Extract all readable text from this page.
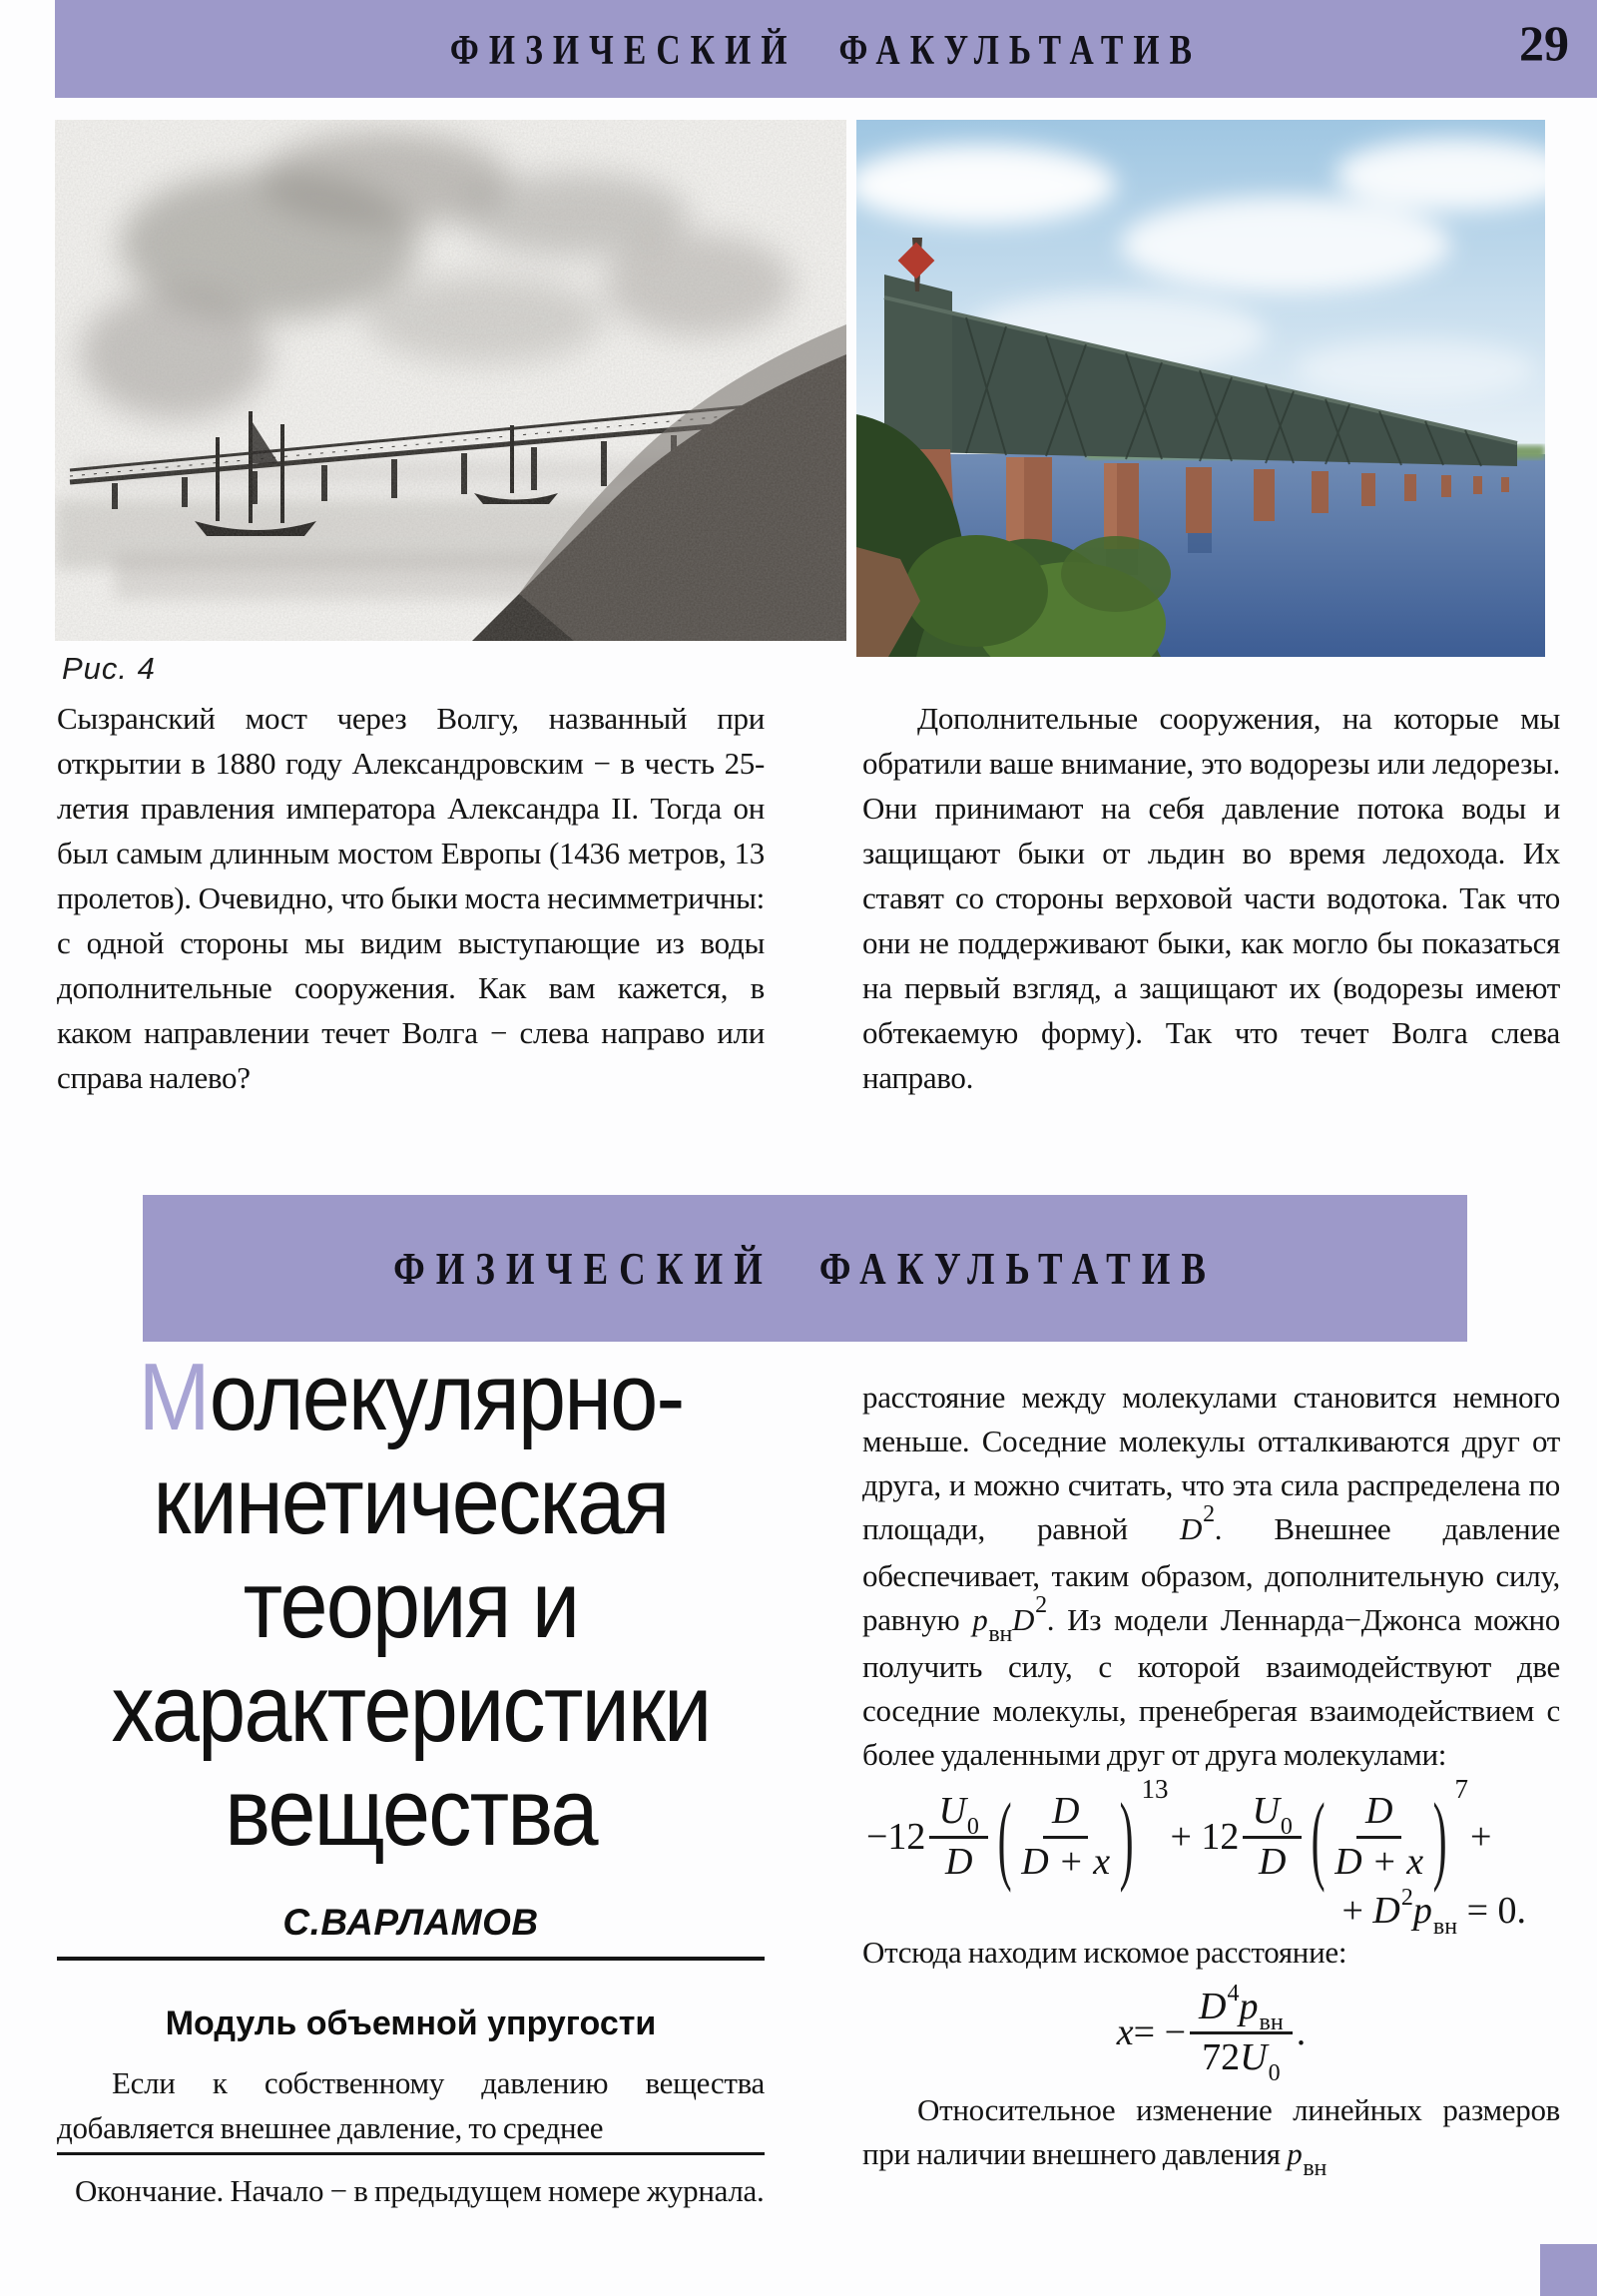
ФИЗИЧЕСКИЙ ФАКУЛЬТАТИВ	29
Рис. 4
Сызранский мост через Волгу, названный при открытии в 1880 году Александровским − в честь 25-летия правления императора Александра II. Тогда он был самым длинным мостом Европы (1436 метров, 13 пролетов). Очевидно, что быки моста несимметричны: с одной стороны мы видим выступающие из воды дополнительные сооружения. Как вам кажется, в каком направлении течет Волга − слева направо или справа налево?
Дополнительные сооружения, на которые мы обратили ваше внимание, это водорезы или ледорезы. Они принимают на себя давление потока воды и защищают быки от льдин во время ледохода. Их ставят со стороны верховой части водотока. Так что они не поддерживают быки, как могло бы показаться на первый взгляд, а защищают их (водорезы имеют обтекаемую форму). Так что течет Волга слева направо.
ФИЗИЧЕСКИЙ ФАКУЛЬТАТИВ
Молекулярно-
кинетическая
теория и
характеристики
вещества
С.ВАРЛАМОВ
Модуль объемной упругости
Если к собственному давлению вещества добавляется внешнее давление, то среднее
Окончание. Начало − в предыдущем номере журнала.

расстояние между молекулами становится немного меньше. Соседние молекулы отталкиваются друг от друга, и можно считать, что эта сила распределена по площади, равной $D^2$. Внешнее давление обеспечивает, таким образом, дополнительную силу, равную $p_{вн}D^2$. Из модели Леннарда−Джонса можно получить силу, с которой взаимодействуют две соседние молекулы, пренебрегая взаимодействием с более удаленными друг от друга молекулами:

$-12 \frac{U_0}{D}$ ( $\frac{D}{D + x}$ ) 13
+ $12 \frac{U_0}{D}$ ( $\frac{D}{D + x}$ ) 7
+
+ $D^2p_{вн} = 0$.

Отсюда находим искомое расстояние:

x = − $\frac{D^4p_{вн}}{72U_0}$ .

Относительное изменение линейных размеров при наличии внешнего давления $p_{вн}$
